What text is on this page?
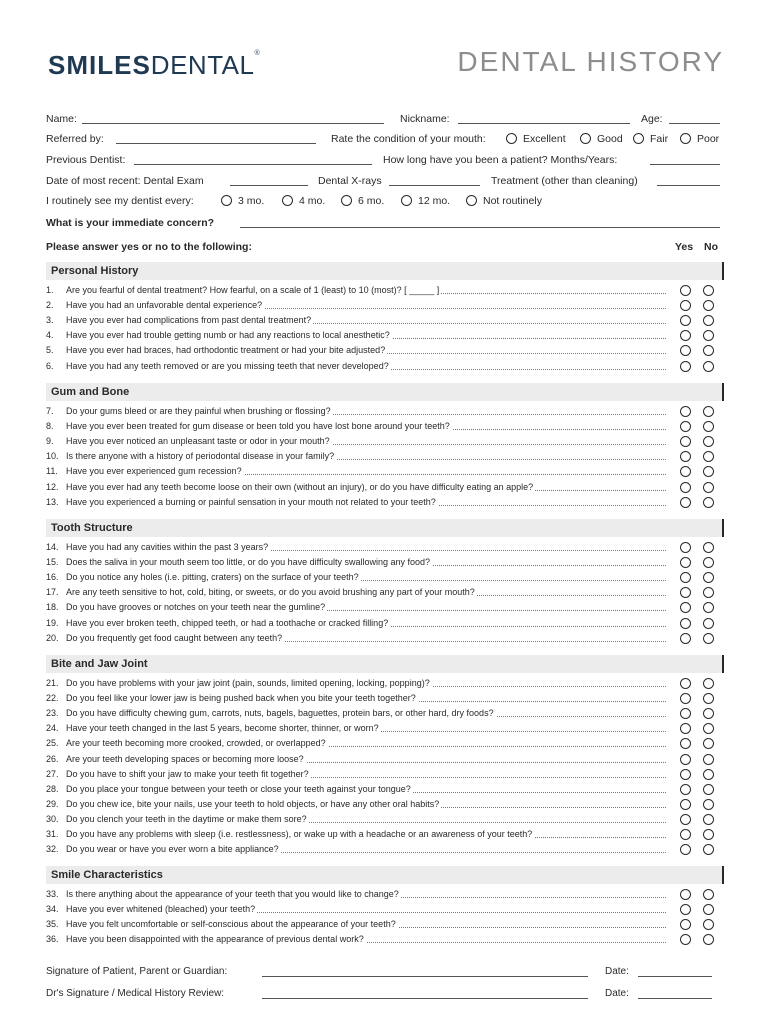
SMILESDENTAL®	DENTAL HISTORY
Name:	Nickname:	Age:
Referred by:	Rate the condition of your mouth:	Excellent	Good	Fair	Poor
Previous Dentist:	How long have you been a patient? Months/Years:
Date of most recent: Dental Exam	Dental X-rays	Treatment (other than cleaning)
I routinely see my dentist every:	3 mo.	4 mo.	6 mo.	12 mo.	Not routinely
What is your immediate concern?
Please answer yes or no to the following:	Yes No
Personal History
1. Are you fearful of dental treatment? How fearful, on a scale of 1 (least) to 10 (most)? [ _____ ]
2. Have you had an unfavorable dental experience?
3. Have you ever had complications from past dental treatment?
4. Have you ever had trouble getting numb or had any reactions to local anesthetic?
5. Have you ever had braces, had orthodontic treatment or had your bite adjusted?
6. Have you had any teeth removed or are you missing teeth that never developed?
Gum and Bone
7. Do your gums bleed or are they painful when brushing or flossing?
8. Have you ever been treated for gum disease or been told you have lost bone around your teeth?
9. Have you ever noticed an unpleasant taste or odor in your mouth?
10. Is there anyone with a history of periodontal disease in your family?
11. Have you ever experienced gum recession?
12. Have you ever had any teeth become loose on their own (without an injury), or do you have difficulty eating an apple?
13. Have you experienced a burning or painful sensation in your mouth not related to your teeth?
Tooth Structure
14. Have you had any cavities within the past 3 years?
15. Does the saliva in your mouth seem too little, or do you have difficulty swallowing any food?
16. Do you notice any holes (i.e. pitting, craters) on the surface of your teeth?
17. Are any teeth sensitive to hot, cold, biting, or sweets, or do you avoid brushing any part of your mouth?
18. Do you have grooves or notches on your teeth near the gumline?
19. Have you ever broken teeth, chipped teeth, or had a toothache or cracked filling?
20. Do you frequently get food caught between any teeth?
Bite and Jaw Joint
21. Do you have problems with your jaw joint (pain, sounds, limited opening, locking, popping)?
22. Do you feel like your lower jaw is being pushed back when you bite your teeth together?
23. Do you have difficulty chewing gum, carrots, nuts, bagels, baguettes, protein bars, or other hard, dry foods?
24. Have your teeth changed in the last 5 years, become shorter, thinner, or worn?
25. Are your teeth becoming more crooked, crowded, or overlapped?
26. Are your teeth developing spaces or becoming more loose?
27. Do you have to shift your jaw to make your teeth fit together?
28. Do you place your tongue between your teeth or close your teeth against your tongue?
29. Do you chew ice, bite your nails, use your teeth to hold objects, or have any other oral habits?
30. Do you clench your teeth in the daytime or make them sore?
31. Do you have any problems with sleep (i.e. restlessness), or wake up with a headache or an awareness of your teeth?
32. Do you wear or have you ever worn a bite appliance?
Smile Characteristics
33. Is there anything about the appearance of your teeth that you would like to change?
34. Have you ever whitened (bleached) your teeth?
35. Have you felt uncomfortable or self-conscious about the appearance of your teeth?
36. Have you been disappointed with the appearance of previous dental work?
Signature of Patient, Parent or Guardian:	Date:
Dr's Signature / Medical History Review:	Date:
